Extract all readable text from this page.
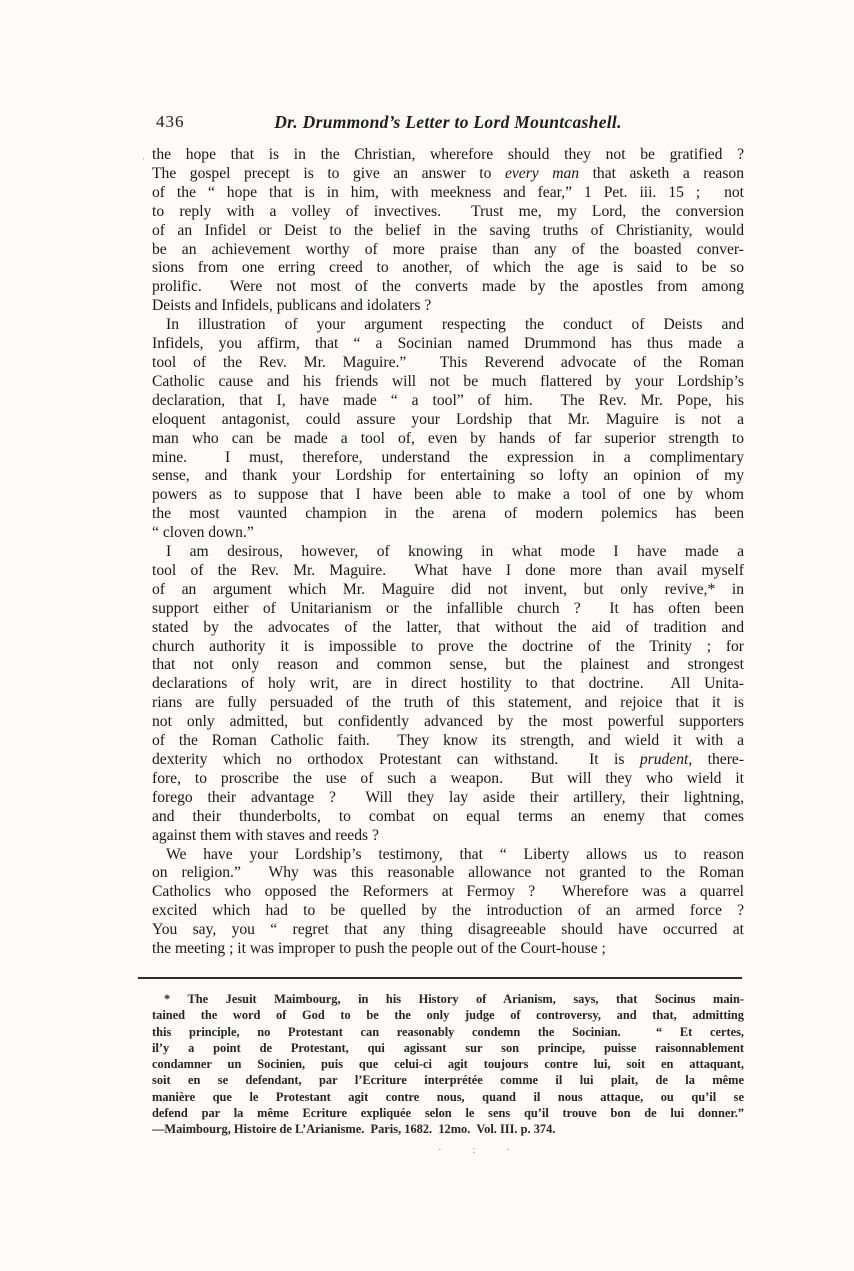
436	Dr. Drummond’s Letter to Lord Mountcashell.
the hope that is in the Christian, wherefore should they not be gratified ?
The gospel precept is to give an answer to every man that asketh a reason
of the “ hope that is in him, with meekness and fear,” 1 Pet. iii. 15 ;  not
to reply with a volley of invectives.  Trust me, my Lord, the conversion
of an Infidel or Deist to the belief in the saving truths of Christianity, would
be an achievement worthy of more praise than any of the boasted conver-
sions from one erring creed to another, of which the age is said to be so
prolific.  Were not most of the converts made by the apostles from among
Deists and Infidels, publicans and idolaters ?
In illustration of your argument respecting the conduct of Deists and
Infidels, you affirm, that “ a Socinian named Drummond has thus made a
tool of the Rev. Mr. Maguire.”  This Reverend advocate of the Roman
Catholic cause and his friends will not be much flattered by your Lordship’s
declaration, that I, have made “ a tool” of him.  The Rev. Mr. Pope, his
eloquent antagonist, could assure your Lordship that Mr. Maguire is not a
man who can be made a tool of, even by hands of far superior strength to
mine.  I must, therefore, understand the expression in a complimentary
sense, and thank your Lordship for entertaining so lofty an opinion of my
powers as to suppose that I have been able to make a tool of one by whom
the most vaunted champion in the arena of modern polemics has been
“ cloven down.”
I am desirous, however, of knowing in what mode I have made a
tool of the Rev. Mr. Maguire.  What have I done more than avail myself
of an argument which Mr. Maguire did not invent, but only revive,* in
support either of Unitarianism or the infallible church ?  It has often been
stated by the advocates of the latter, that without the aid of tradition and
church authority it is impossible to prove the doctrine of the Trinity ; for
that not only reason and common sense, but the plainest and strongest
declarations of holy writ, are in direct hostility to that doctrine.  All Unita-
rians are fully persuaded of the truth of this statement, and rejoice that it is
not only admitted, but confidently advanced by the most powerful supporters
of the Roman Catholic faith.  They know its strength, and wield it with a
dexterity which no orthodox Protestant can withstand.  It is prudent, there-
fore, to proscribe the use of such a weapon.  But will they who wield it
forego their advantage ?  Will they lay aside their artillery, their lightning,
and their thunderbolts, to combat on equal terms an enemy that comes
against them with staves and reeds ?
We have your Lordship’s testimony, that “ Liberty allows us to reason
on religion.”  Why was this reasonable allowance not granted to the Roman
Catholics who opposed the Reformers at Fermoy ?  Wherefore was a quarrel
excited which had to be quelled by the introduction of an armed force ?
You say, you “ regret that any thing disagreeable should have occurred at
the meeting ; it was improper to push the people out of the Court-house ;
* The Jesuit Maimbourg, in his History of Arianism, says, that Socinus main-
tained the word of God to be the only judge of controversy, and that, admitting
this principle, no Protestant can reasonably condemn the Socinian.  “ Et certes,
il’y a point de Protestant, qui agissant sur son principe, puisse raisonnablement
condamner un Socinien, puis que celui-ci agit toujours contre lui, soit en attaquant,
soit en se defendant, par l’Ecriture interprétée comme il lui plait, de la même
manière que le Protestant agit contre nous, quand il nous attaque, ou qu’il se
defend par la même Ecriture expliquée selon le sens qu’il trouve bon de lui donner.”
—Maimbourg, Histoire de L’Arianisme.  Paris, 1682.  12mo.  Vol. III. p. 374.
·
· : ·
